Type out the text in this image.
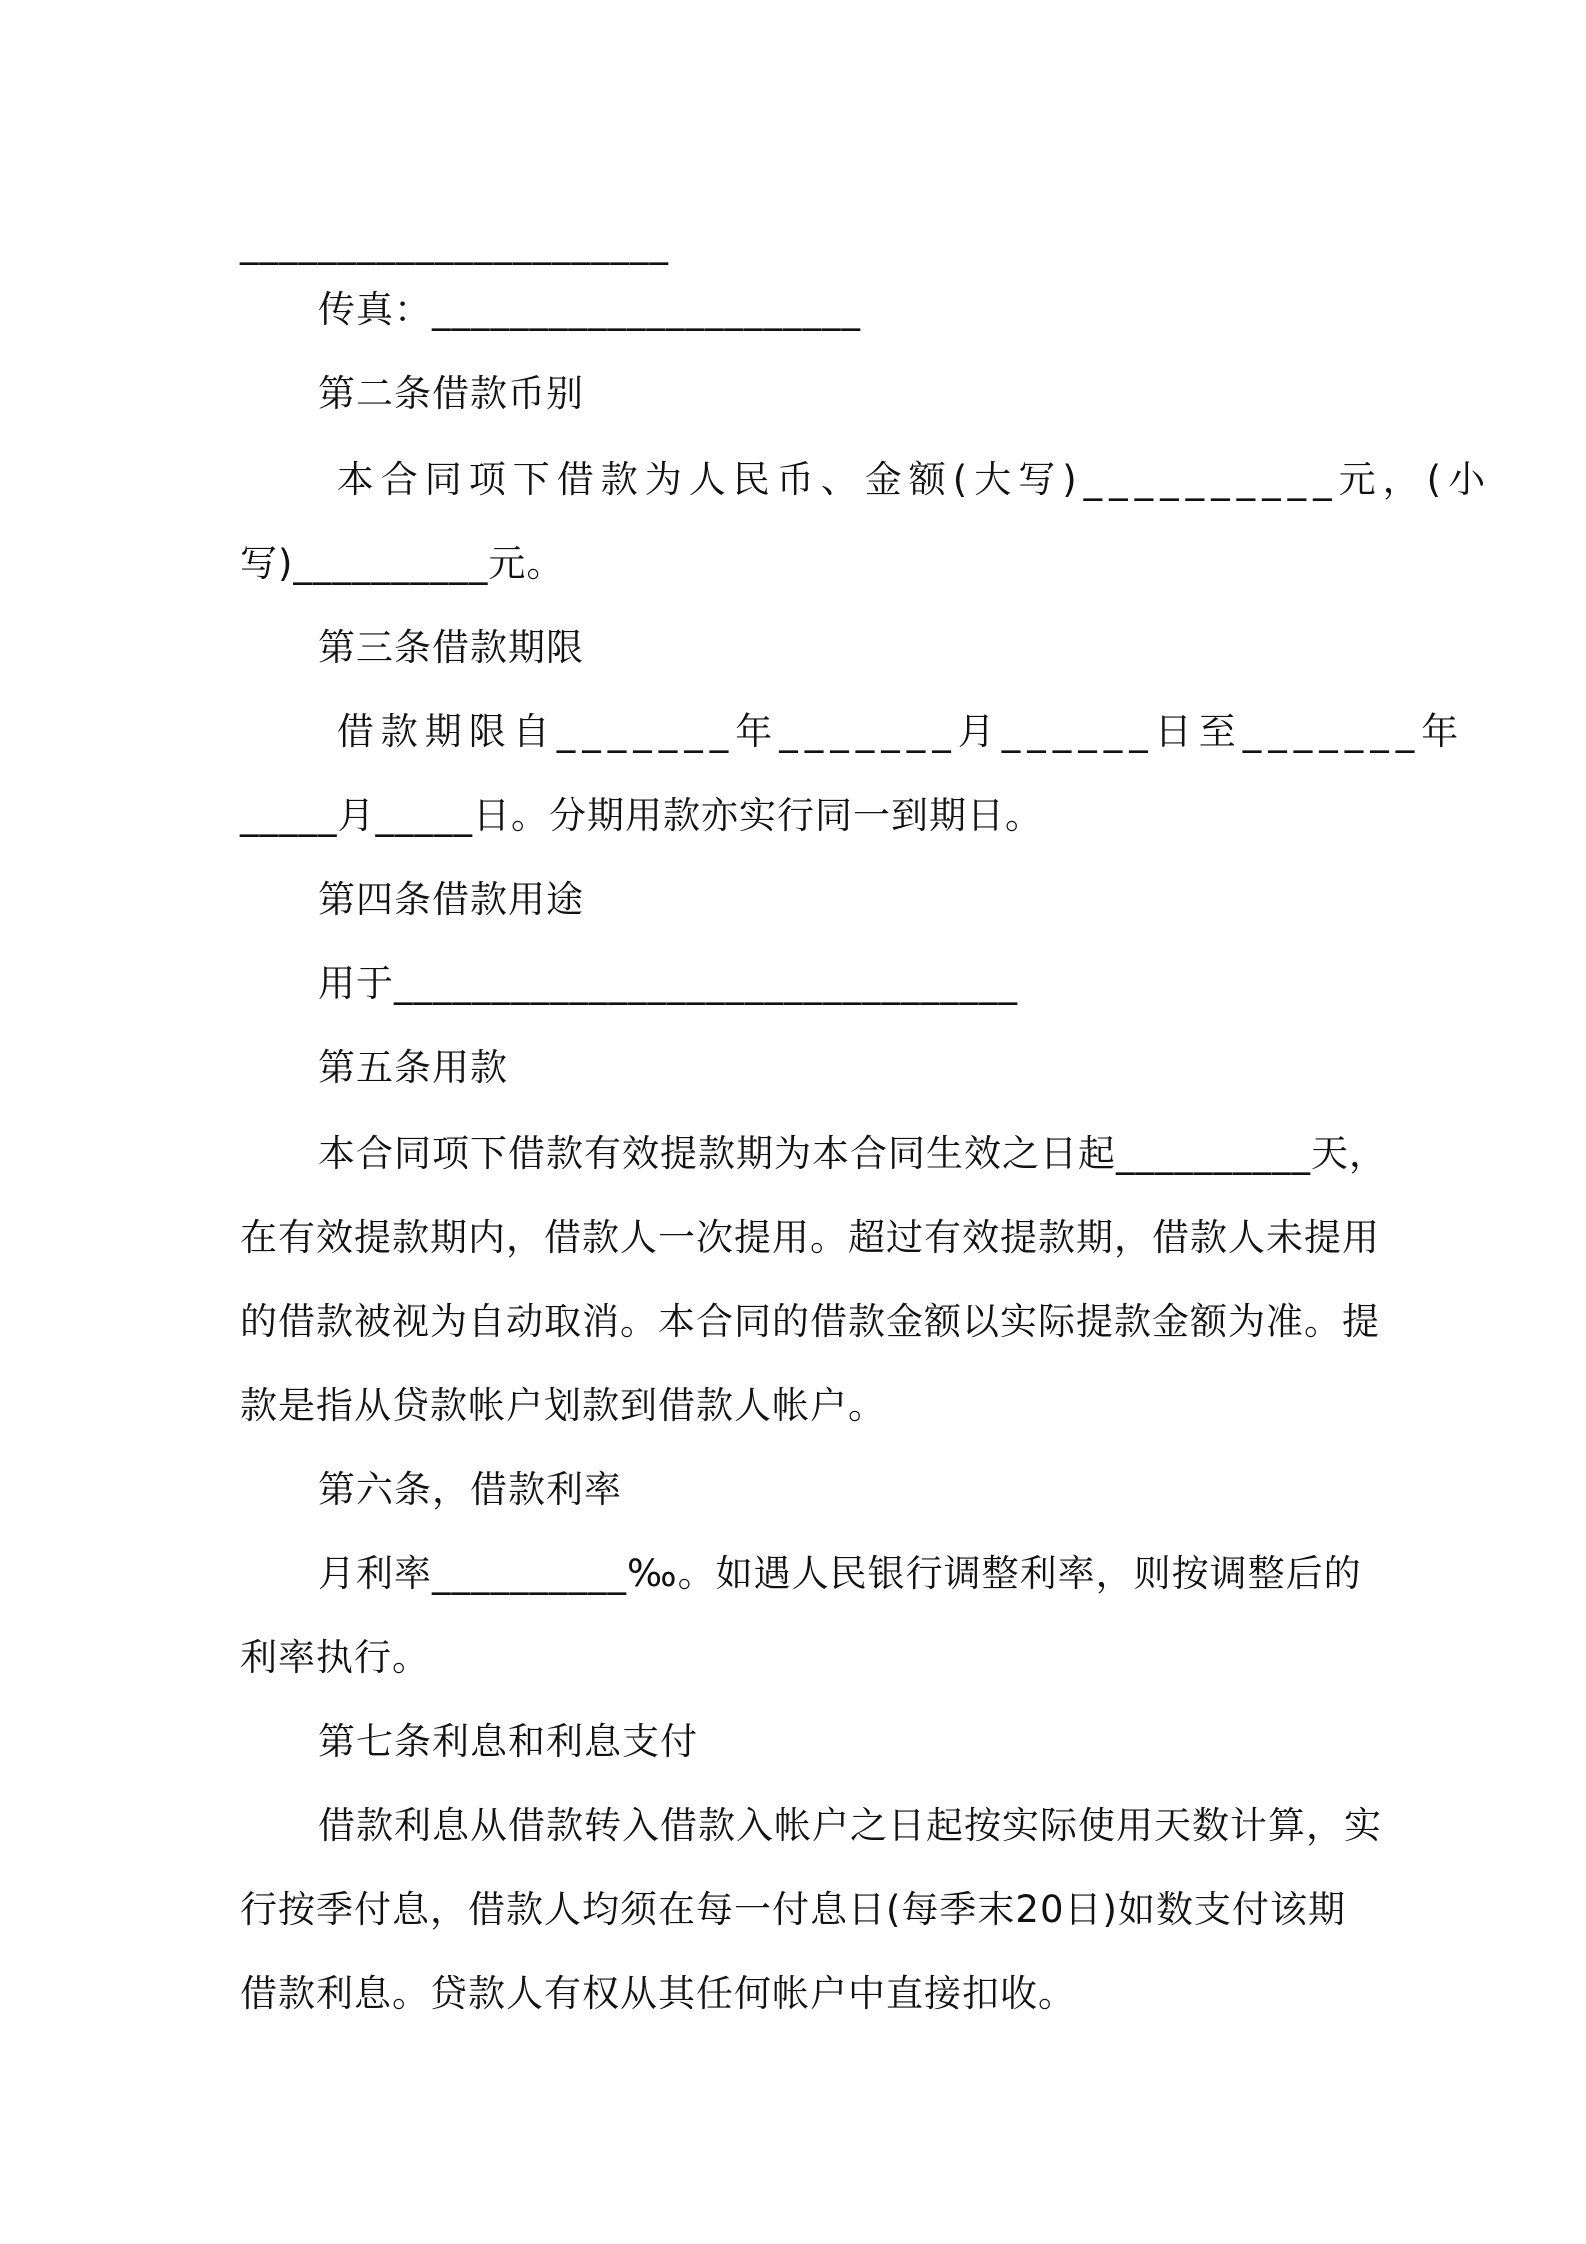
______________________
传真：______________________
第二条借款币别
本合同项下借款为人民币、金额(大写)__________元，(小
写)__________元。
第三条借款期限
借款期限自_______年_______月______日至_______年
_____月_____日。分期用款亦实行同一到期日。
第四条借款用途
用于________________________________
第五条用款
本合同项下借款有效提款期为本合同生效之日起__________天，
在有效提款期内，借款人一次提用。超过有效提款期，借款人未提用
的借款被视为自动取消。本合同的借款金额以实际提款金额为准。提
款是指从贷款帐户划款到借款人帐户。
第六条，借款利率
月利率__________‰。如遇人民银行调整利率，则按调整后的
利率执行。
第七条利息和利息支付
借款利息从借款转入借款入帐户之日起按实际使用天数计算，实
行按季付息，借款人均须在每一付息日(每季末20日)如数支付该期
借款利息。贷款人有权从其任何帐户中直接扣收。
